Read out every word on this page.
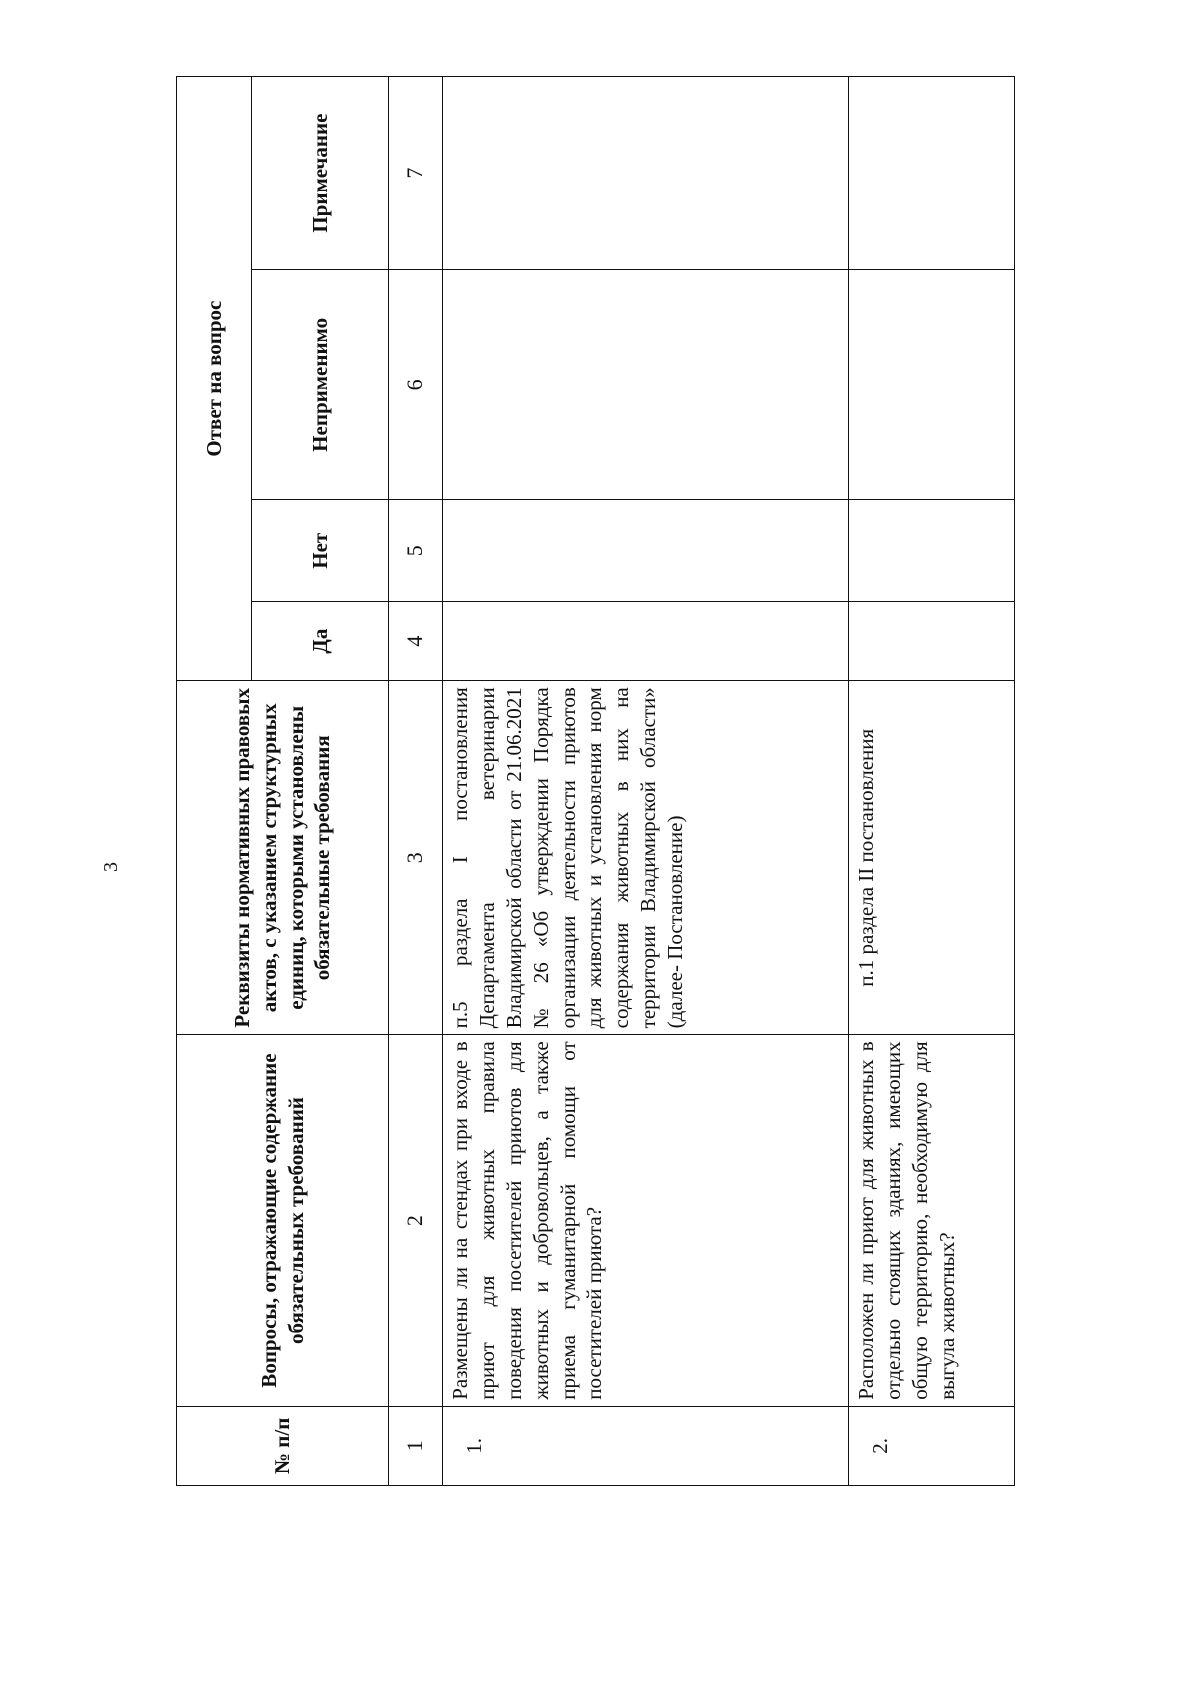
3
№ п/п	Вопросы, отражающие содержание обязательных требований	Реквизиты нормативных правовых актов, с указанием структурных единиц, которыми установлены обязательные требования	Ответ на вопрос			
			Да	Нет	Неприменимо	Примечание
1	2	3	4	5	6	7
1.	Размещены ли на стендах при входе в приют для животных правила поведения посетителей приютов для животных и добровольцев, а также приема гуманитарной помощи от посетителей приюта?	п.5 раздела I постановления Департамента ветеринарии Владимирской области от 21.06.2021 № 26 «Об утверждении Порядка организации деятельности приютов для животных и установления норм содержания животных в них на территории Владимирской области» (далее- Постановление)				
2.	Расположен ли приют для животных в отдельно стоящих зданиях, имеющих общую территорию, необходимую для выгула животных?	п.1 раздела II постановления				
